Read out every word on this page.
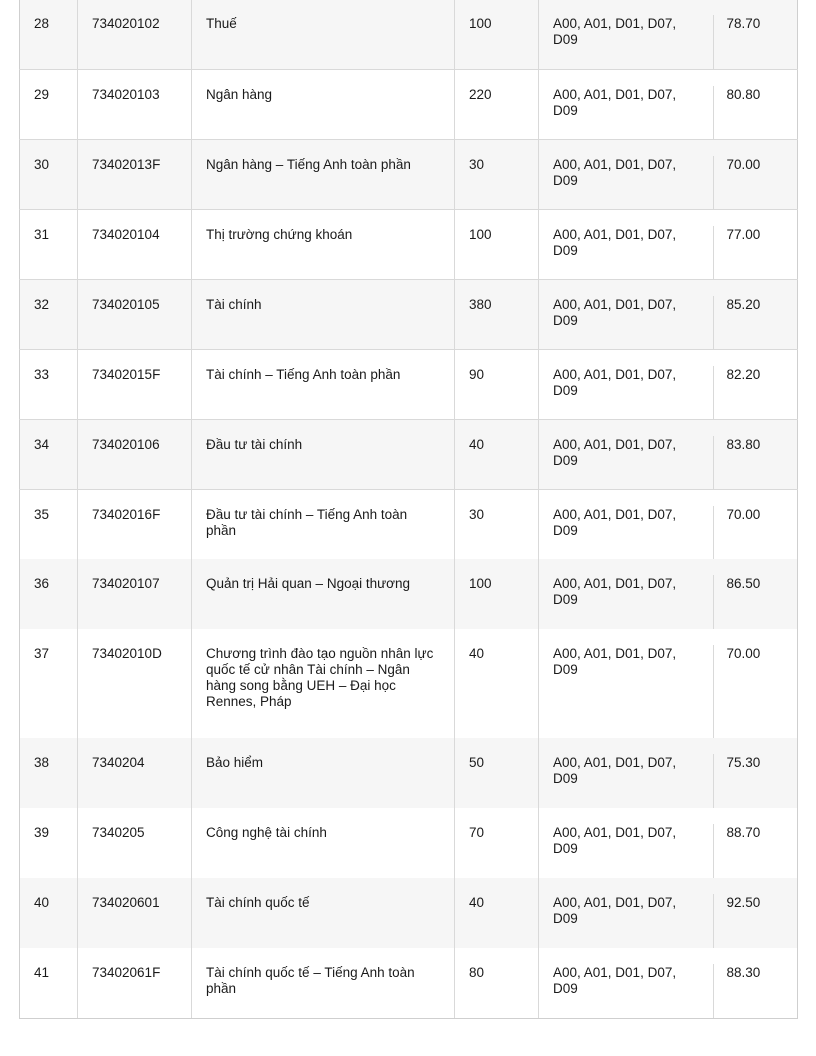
28	734020102	Thuế	100	A00, A01, D01, D07, D09	78.70
29	734020103	Ngân hàng	220	A00, A01, D01, D07, D09	80.80
30	73402013F	Ngân hàng – Tiếng Anh toàn phần	30	A00, A01, D01, D07, D09	70.00
31	734020104	Thị trường chứng khoán	100	A00, A01, D01, D07, D09	77.00
32	734020105	Tài chính	380	A00, A01, D01, D07, D09	85.20
33	73402015F	Tài chính – Tiếng Anh toàn phần	90	A00, A01, D01, D07, D09	82.20
34	734020106	Đầu tư tài chính	40	A00, A01, D01, D07, D09	83.80
35	73402016F	Đầu tư tài chính – Tiếng Anh toàn phần	30	A00, A01, D01, D07, D09	70.00
36	734020107	Quản trị Hải quan – Ngoại thương	100	A00, A01, D01, D07, D09	86.50
37	73402010D	Chương trình đào tạo nguồn nhân lực quốc tế cử nhân Tài chính – Ngân hàng song bằng UEH – Đại học Rennes, Pháp	40	A00, A01, D01, D07, D09	70.00
38	7340204	Bảo hiểm	50	A00, A01, D01, D07, D09	75.30
39	7340205	Công nghệ tài chính	70	A00, A01, D01, D07, D09	88.70
40	734020601	Tài chính quốc tế	40	A00, A01, D01, D07, D09	92.50
41	73402061F	Tài chính quốc tế – Tiếng Anh toàn phần	80	A00, A01, D01, D07, D09	88.30
